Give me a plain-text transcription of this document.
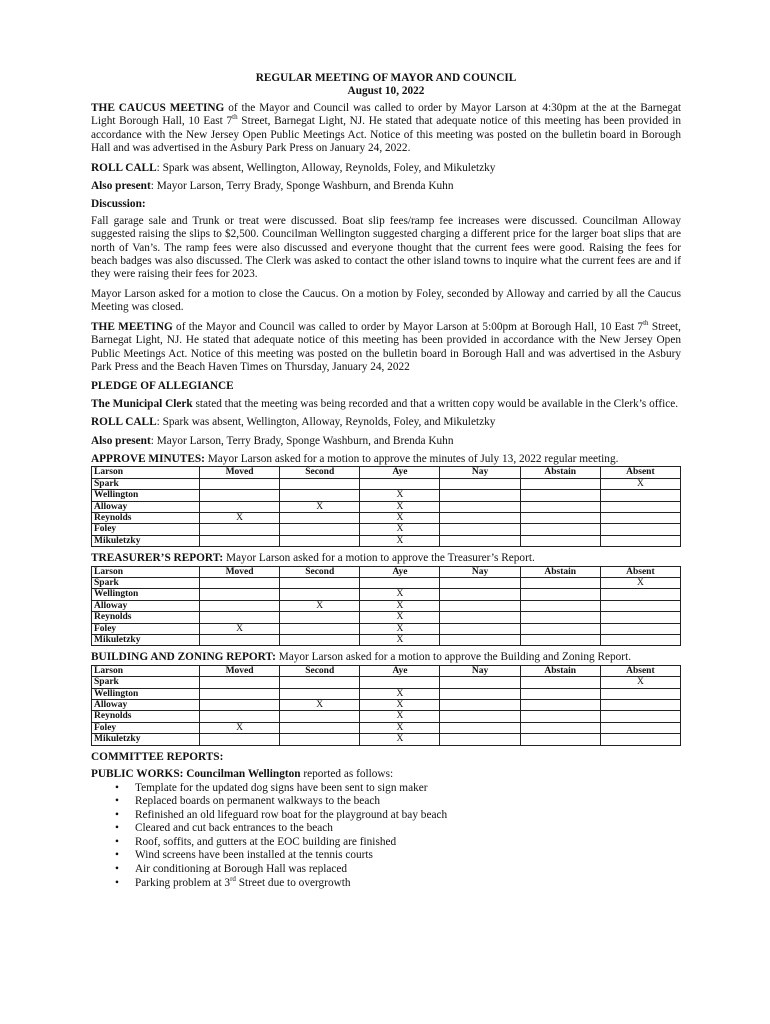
REGULAR MEETING OF MAYOR AND COUNCIL
August 10, 2022

THE CAUCUS MEETING of the Mayor and Council was called to order by Mayor Larson at 4:30pm at the at the Barnegat Light Borough Hall, 10 East 7th Street, Barnegat Light, NJ. He stated that adequate notice of this meeting has been provided in accordance with the New Jersey Open Public Meetings Act. Notice of this meeting was posted on the bulletin board in Borough Hall and was advertised in the Asbury Park Press on January 24, 2022.

ROLL CALL: Spark was absent, Wellington, Alloway, Reynolds, Foley, and Mikuletzky

Also present: Mayor Larson, Terry Brady, Sponge Washburn, and Brenda Kuhn

Discussion:

Fall garage sale and Trunk or treat were discussed. Boat slip fees/ramp fee increases were discussed. Councilman Alloway suggested raising the slips to $2,500. Councilman Wellington suggested charging a different price for the larger boat slips that are north of Van’s. The ramp fees were also discussed and everyone thought that the current fees were good. Raising the fees for beach badges was also discussed. The Clerk was asked to contact the other island towns to inquire what the current fees are and if they were raising their fees for 2023.

Mayor Larson asked for a motion to close the Caucus. On a motion by Foley, seconded by Alloway and carried by all the Caucus Meeting was closed.

THE MEETING of the Mayor and Council was called to order by Mayor Larson at 5:00pm at Borough Hall, 10 East 7th Street, Barnegat Light, NJ. He stated that adequate notice of this meeting has been provided in accordance with the New Jersey Open Public Meetings Act. Notice of this meeting was posted on the bulletin board in Borough Hall and was advertised in the Asbury Park Press and the Beach Haven Times on Thursday, January 24, 2022

PLEDGE OF ALLEGIANCE

The Municipal Clerk stated that the meeting was being recorded and that a written copy would be available in the Clerk’s office.

ROLL CALL: Spark was absent, Wellington, Alloway, Reynolds, Foley, and Mikuletzky

Also present: Mayor Larson, Terry Brady, Sponge Washburn, and Brenda Kuhn

APPROVE MINUTES: Mayor Larson asked for a motion to approve the minutes of July 13, 2022 regular meeting.

Larson	Moved	Second	Aye	Nay	Abstain	Absent
Spark						X
Wellington			X			
Alloway		X	X			
Reynolds	X		X			
Foley			X			
Mikuletzky			X			

TREASURER’S REPORT: Mayor Larson asked for a motion to approve the Treasurer’s Report.

Larson	Moved	Second	Aye	Nay	Abstain	Absent
Spark						X
Wellington			X			
Alloway		X	X			
Reynolds			X			
Foley	X		X			
Mikuletzky			X			

BUILDING AND ZONING REPORT: Mayor Larson asked for a motion to approve the Building and Zoning Report.

Larson	Moved	Second	Aye	Nay	Abstain	Absent
Spark						X
Wellington			X			
Alloway		X	X			
Reynolds			X			
Foley	X		X			
Mikuletzky			X			

COMMITTEE REPORTS:

PUBLIC WORKS: Councilman Wellington reported as follows:

• Template for the updated dog signs have been sent to sign maker
• Replaced boards on permanent walkways to the beach
• Refinished an old lifeguard row boat for the playground at bay beach
• Cleared and cut back entrances to the beach
• Roof, soffits, and gutters at the EOC building are finished
• Wind screens have been installed at the tennis courts
• Air conditioning at Borough Hall was replaced
• Parking problem at 3rd Street due to overgrowth
